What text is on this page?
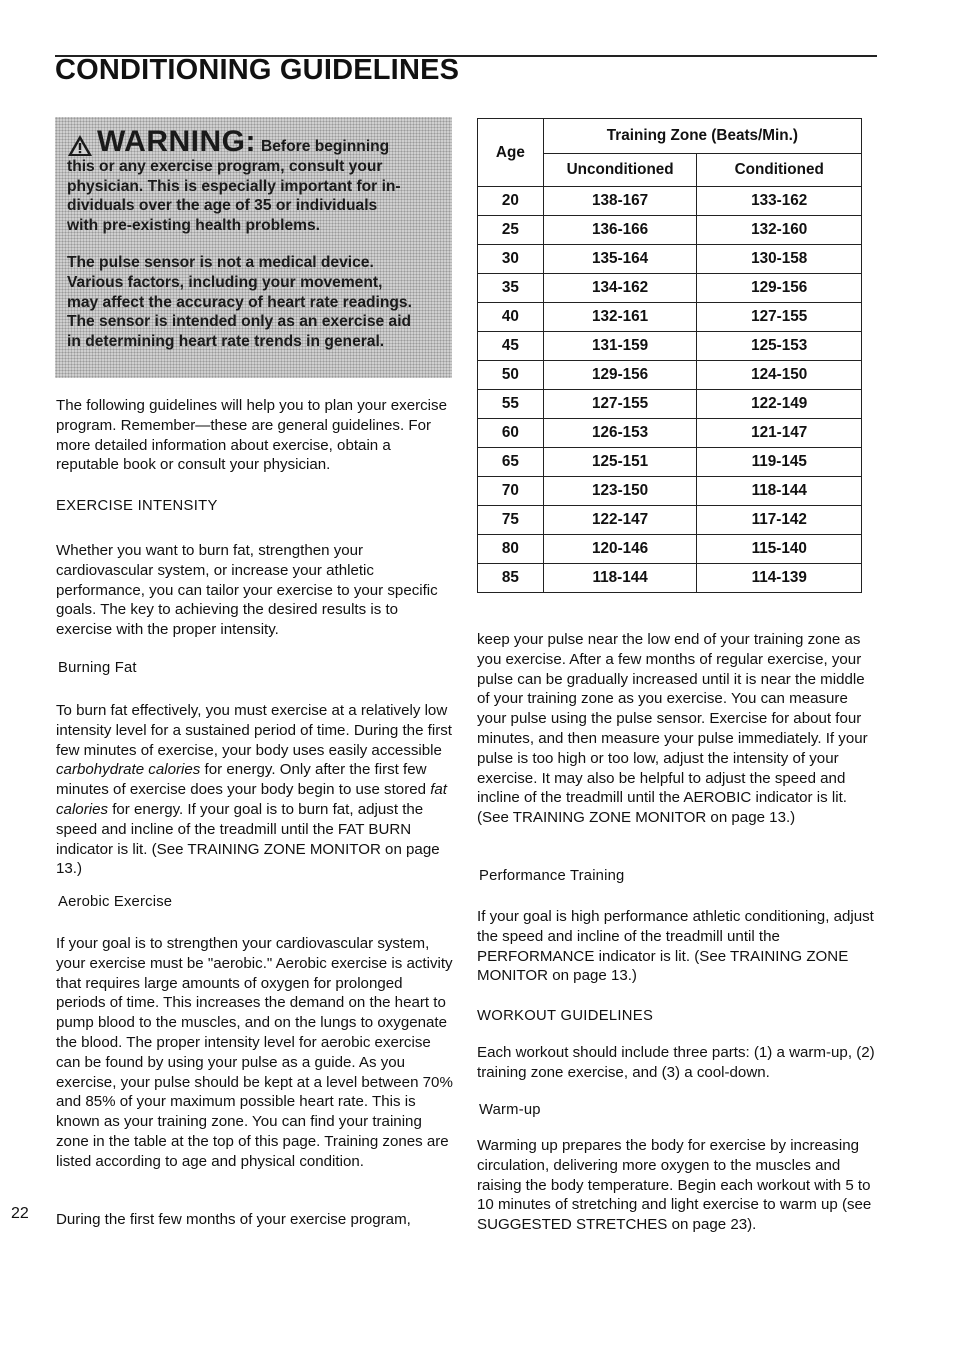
CONDITIONING GUIDELINES

WARNING: Before beginning

this or any exercise program, consult your

physician. This is especially important for in-

dividuals over the age of 35 or individuals

with pre-existing health problems.

The pulse sensor is not a medical device.

Various factors, including your movement,

may affect the accuracy of heart rate readings.

The sensor is intended only as an exercise aid

in determining heart rate trends in general.

The following guidelines will help you to plan your exercise program. Remember—these are general guidelines. For more detailed information about exercise, obtain a reputable book or consult your physician.

EXERCISE INTENSITY

Whether you want to burn fat, strengthen your cardiovascular system, or increase your athletic performance, you can tailor your exercise to your specific goals. The key to achieving the desired results is to exercise with the proper intensity.

Burning Fat

To burn fat effectively, you must exercise at a relatively low intensity level for a sustained period of time. During the first few minutes of exercise, your body uses easily accessible carbohydrate calories for energy. Only after the first few minutes of exercise does your body begin to use stored fat calories for energy. If your goal is to burn fat, adjust the speed and incline of the treadmill until the FAT BURN indicator is lit. (See TRAINING ZONE MONITOR on page 13.)

Aerobic Exercise

If your goal is to strengthen your cardiovascular system, your exercise must be "aerobic." Aerobic exercise is activity that requires large amounts of oxygen for prolonged periods of time. This increases the demand on the heart to pump blood to the muscles, and on the lungs to oxygenate the blood. The proper intensity level for aerobic exercise can be found by using your pulse as a guide. As you exercise, your pulse should be kept at a level between 70% and 85% of your maximum possible heart rate. This is known as your training zone. You can find your training zone in the table at the top of this page. Training zones are listed according to age and physical condition.

During the first few months of your exercise program,

22
Age	Training Zone (Beats/Min.)	
	Unconditioned	Conditioned
20	138-167	133-162
25	136-166	132-160
30	135-164	130-158
35	134-162	129-156
40	132-161	127-155
45	131-159	125-153
50	129-156	124-150
55	127-155	122-149
60	126-153	121-147
65	125-151	119-145
70	123-150	118-144
75	122-147	117-142
80	120-146	115-140
85	118-144	114-139

keep your pulse near the low end of your training zone as you exercise. After a few months of regular exercise, your pulse can be gradually increased until it is near the middle of your training zone as you exercise. You can measure your pulse using the pulse sensor. Exercise for about four minutes, and then measure your pulse immediately. If your pulse is too high or too low, adjust the intensity of your exercise. It may also be helpful to adjust the speed and incline of the treadmill until the AEROBIC indicator is lit. (See TRAINING ZONE MONITOR on page 13.)

Performance Training

If your goal is high performance athletic conditioning, adjust the speed and incline of the treadmill until the PERFORMANCE indicator is lit. (See TRAINING ZONE MONITOR on page 13.)

WORKOUT GUIDELINES

Each workout should include three parts: (1) a warm-up, (2) training zone exercise, and (3) a cool-down.

Warm-up

Warming up prepares the body for exercise by increasing circulation, delivering more oxygen to the muscles and raising the body temperature. Begin each workout with 5 to 10 minutes of stretching and light exercise to warm up (see SUGGESTED STRETCHES on page 23).
